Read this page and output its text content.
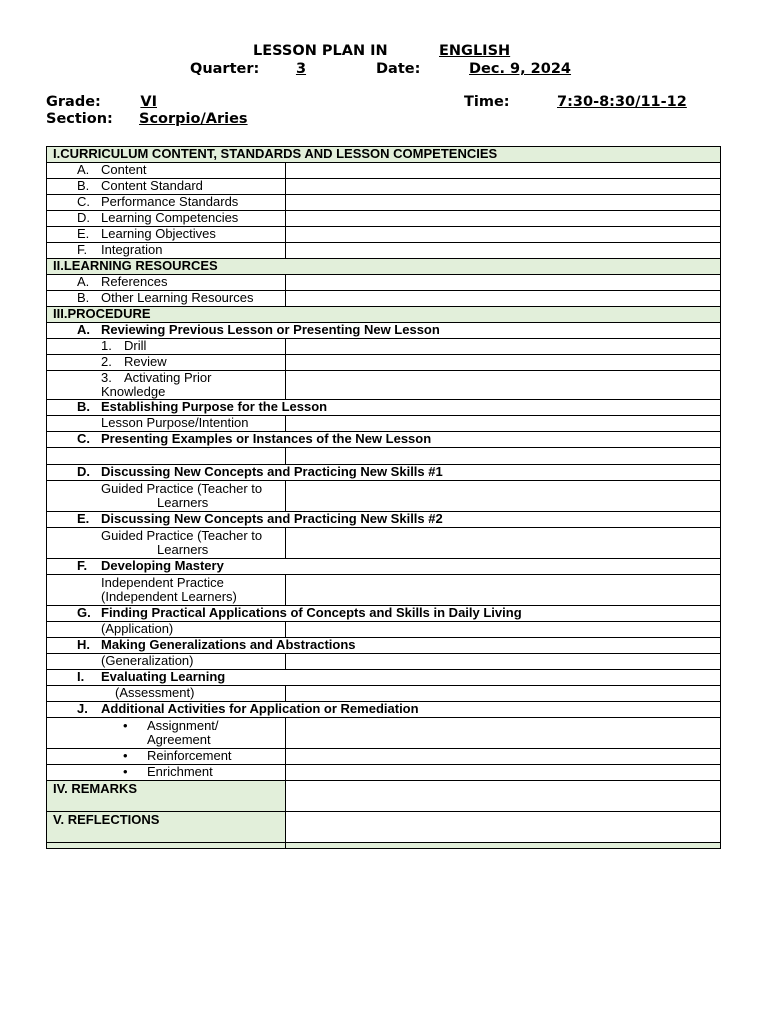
LESSON PLAN IN	ENGLISH
Quarter:	3	Date:	Dec. 9, 2024
Grade:	VI	Time:	7:30-8:30/11-12
Section: Scorpio/Aries
I.CURRICULUM CONTENT, STANDARDS AND LESSON COMPETENCIES	
A. Content	
B. Content Standard	
C. Performance Standards	
D. Learning Competencies	
E. Learning Objectives	
F. Integration	
II.LEARNING RESOURCES	
A. References	
B. Other Learning Resources	
III.PROCEDURE	
A. Reviewing Previous Lesson or Presenting New Lesson	
1. Drill	
2. Review	
3. Activating Prior Knowledge	
B. Establishing Purpose for the Lesson	
Lesson Purpose/Intention	
C. Presenting Examples or Instances of the New Lesson	

D. Discussing New Concepts and Practicing New Skills #1	

Guided Practice (Teacher to
Learners	

E. Discussing New Concepts and Practicing New Skills #2	

Guided Practice (Teacher to
Learners	

F. Developing Mastery	

Independent Practice
(Independent Learners)	

G. Finding Practical Applications of Concepts and Skills in Daily Living	
(Application)	
H. Making Generalizations and Abstractions	
(Generalization)	
I. Evaluating Learning	
(Assessment)	
J. Additional Activities for Application or Remediation	

• Assignment/
Agreement	

• Reinforcement	
• Enrichment	
IV. REMARKS	
V. REFLECTIONS	
